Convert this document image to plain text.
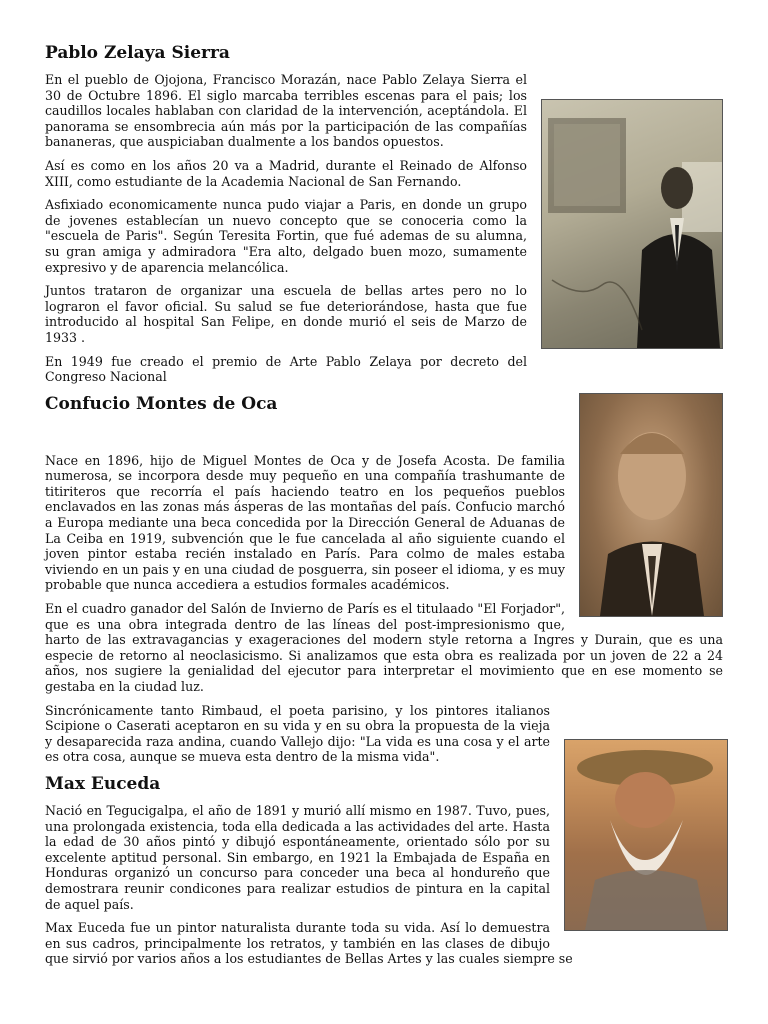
Pablo Zelaya Sierra

En el pueblo de Ojojona, Francisco Morazán, nace Pablo Zelaya Sierra el 30 de Octubre 1896. El siglo marcaba terribles escenas para el pais; los caudillos locales hablaban con claridad de la intervención, aceptándola. El panorama se ensombrecia aún más por la participación de las compañías bananeras, que auspiciaban dualmente a los bandos opuestos.

Así es como en los años 20 va a Madrid, durante el Reinado de Alfonso XIII, como estudiante de la Academia Nacional de San Fernando.

Asfixiado economicamente nunca pudo viajar a Paris, en donde un grupo de jovenes establecían un nuevo concepto que se conoceria como la "escuela de Paris". Según Teresita Fortin, que fué ademas de su alumna, su gran amiga y admiradora "Era alto, delgado buen mozo, sumamente expresivo y de aparencia melancólica.

Juntos trataron de organizar una escuela de bellas artes pero no lo lograron el favor oficial. Su salud se fue deteriorándose, hasta que fue introducido al hospital San Felipe, en donde murió el seis de Marzo de 1933 .

En 1949 fue creado el premio de Arte Pablo Zelaya por decreto del Congreso Nacional

Confucio Montes de Oca

Nace en 1896, hijo de Miguel Montes de Oca y de Josefa Acosta. De familia numerosa, se incorpora desde muy pequeño en una compañía trashumante de titiriteros que recorría el país haciendo teatro en los pequeños pueblos enclavados en las zonas más ásperas de las montañas del país. Confucio marchó a Europa mediante una beca concedida por la Dirección General de Aduanas de La Ceiba en 1919, subvención que le fue cancelada al año siguiente cuando el joven pintor estaba recién instalado en París. Para colmo de males estaba viviendo en un pais y en una ciudad de posguerra, sin poseer el idioma, y es muy probable que nunca accediera a estudios formales académicos.

En el cuadro ganador del Salón de Invierno de París es el titulaado "El Forjador", que es una obra integrada dentro de las líneas del post-impresionismo que, harto de las extravagancias y exageraciones del modern style retorna a Ingres y Durain, que es una especie de retorno al neoclasicismo. Si analizamos que esta obra es realizada por un joven de 22 a 24 años, nos sugiere la genialidad del ejecutor para interpretar el movimiento que en ese momento se gestaba en la ciudad luz.

Sincrónicamente tanto Rimbaud, el poeta parisino, y los pintores italianos Scipione o Caserati aceptaron en su vida y en su obra la propuesta de la vieja y desaparecida raza andina, cuando Vallejo dijo: "La vida es una cosa y el arte es otra cosa, aunque se mueva esta dentro de la misma vida".

Max Euceda

Nació en Tegucigalpa, el año de 1891 y murió allí mismo en 1987. Tuvo, pues, una prolongada existencia, toda ella dedicada a las actividades del arte. Hasta la edad de 30 años pintó y dibujó espontáneamente, orientado sólo por su excelente aptitud personal. Sin embargo, en 1921 la Embajada de España en Honduras organizó un concurso para conceder una beca al hondureño que demostrara reunir condicones para realizar estudios de pintura en la capital de aquel país.

Max Euceda fue un pintor naturalista durante toda su vida. Así lo demuestra en sus cadros, principalmente los retratos, y también en las clases de dibujo que sirvió por varios años a los estudiantes de Bellas Artes y las cuales siempre se
